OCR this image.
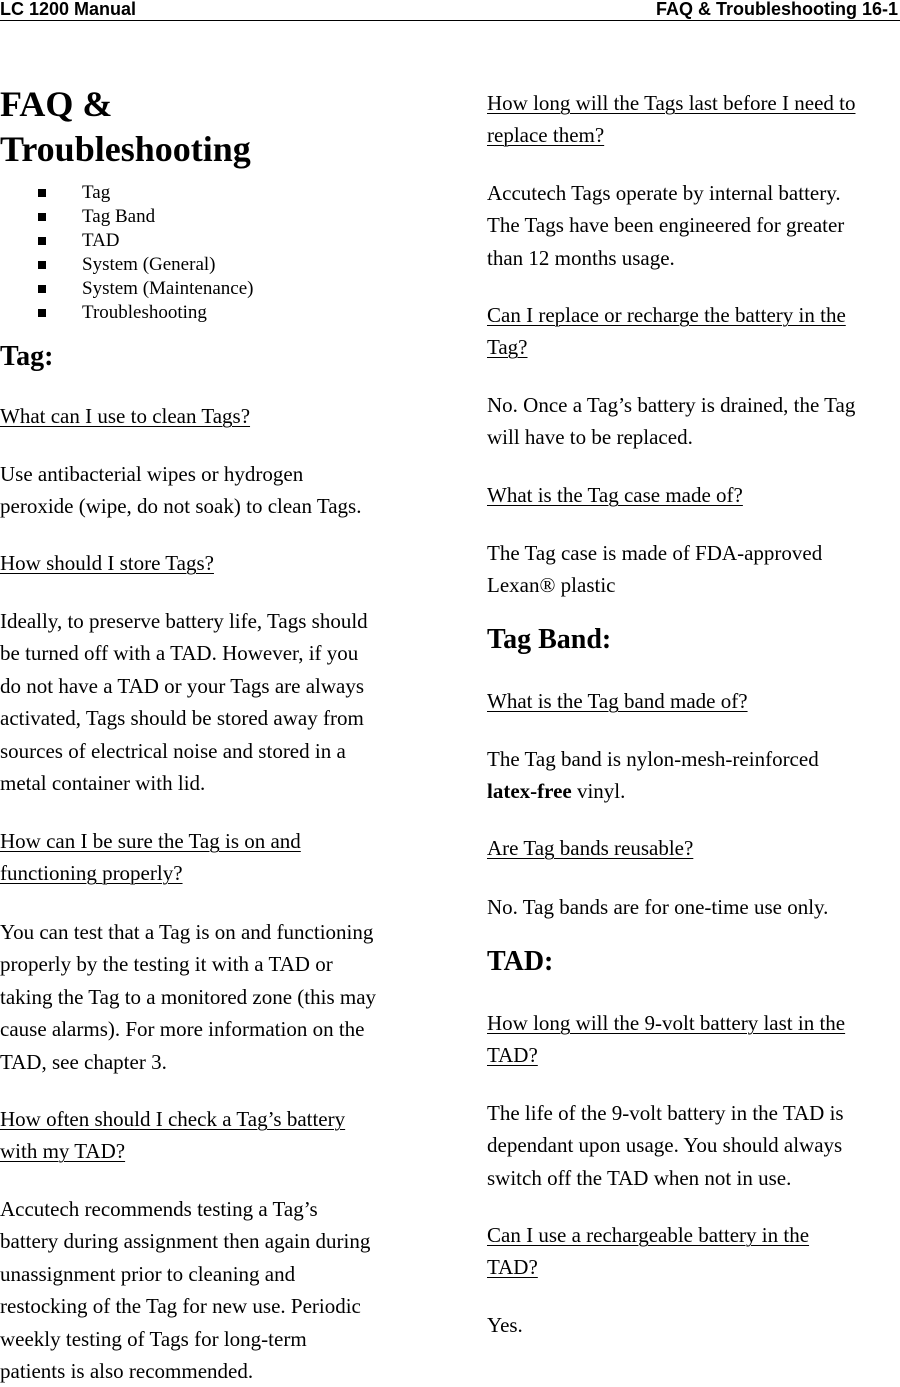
LC 1200 Manual	FAQ & Troubleshooting 16-1
FAQ &
Troubleshooting
Tag
Tag Band
TAD
System (General)
System (Maintenance)
Troubleshooting
Tag:
What can I use to clean Tags?
Use antibacterial wipes or hydrogen
peroxide (wipe, do not soak) to clean Tags.
How should I store Tags?
Ideally, to preserve battery life, Tags should
be turned off with a TAD. However, if you
do not have a TAD or your Tags are always
activated, Tags should be stored away from
sources of electrical noise and stored in a
metal container with lid.
How can I be sure the Tag is on and
functioning properly?
You can test that a Tag is on and functioning
properly by the testing it with a TAD or
taking the Tag to a monitored zone (this may
cause alarms). For more information on the
TAD, see chapter 3.
How often should I check a Tag’s battery
with my TAD?
Accutech recommends testing a Tag’s
battery during assignment then again during
unassignment prior to cleaning and
restocking of the Tag for new use. Periodic
weekly testing of Tags for long-term
patients is also recommended.
How long will the Tags last before I need to
replace them?
Accutech Tags operate by internal battery.
The Tags have been engineered for greater
than 12 months usage.
Can I replace or recharge the battery in the
Tag?
No. Once a Tag’s battery is drained, the Tag
will have to be replaced.
What is the Tag case made of?
The Tag case is made of FDA-approved
Lexan® plastic
Tag Band:
What is the Tag band made of?
The Tag band is nylon-mesh-reinforced
latex-free vinyl.
Are Tag bands reusable?
No. Tag bands are for one-time use only.
TAD:
How long will the 9-volt battery last in the
TAD?
The life of the 9-volt battery in the TAD is
dependant upon usage. You should always
switch off the TAD when not in use.
Can I use a rechargeable battery in the
TAD?
Yes.
